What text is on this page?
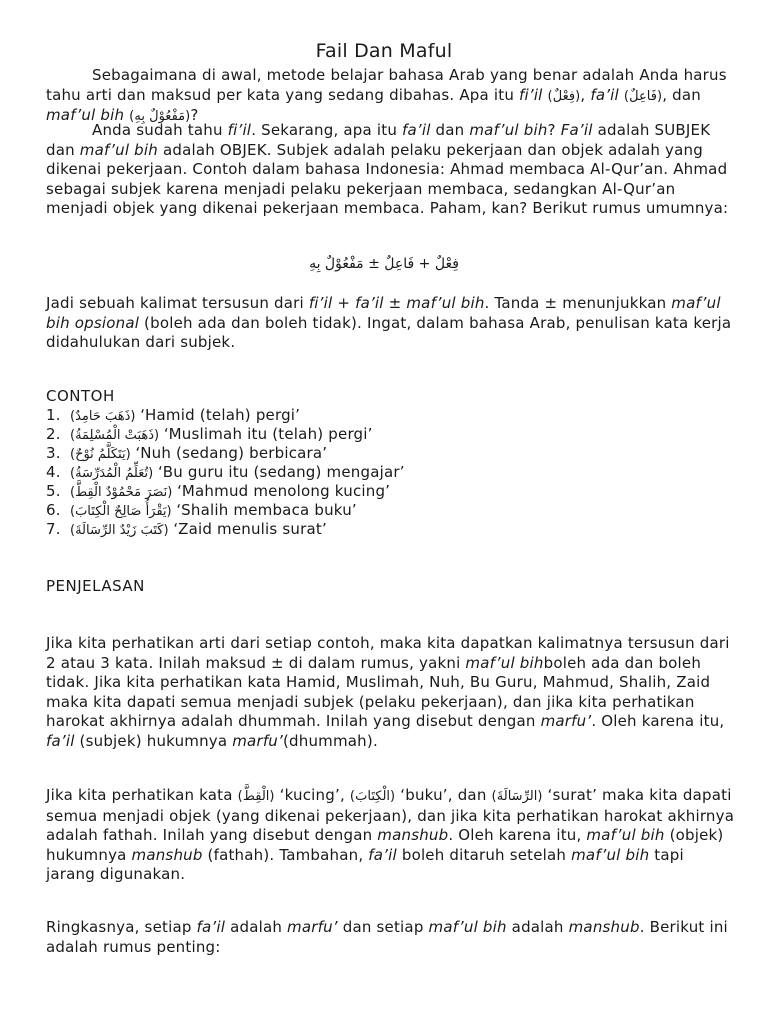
Fail Dan Maful
Sebagaimana di awal, metode belajar bahasa Arab yang benar adalah Anda harus tahu arti dan maksud per kata yang sedang dibahas. Apa itu fi’il (فِعْلٌ), fa’il (فَاعِلٌ), dan maf’ul bih (مَفْعُوْلٌ بِهِ)?
Anda sudah tahu fi’il. Sekarang, apa itu fa’il dan maf’ul bih? Fa’il adalah SUBJEK dan maf’ul bih adalah OBJEK. Subjek adalah pelaku pekerjaan dan objek adalah yang dikenai pekerjaan. Contoh dalam bahasa Indonesia: Ahmad membaca Al-Qur’an. Ahmad sebagai subjek karena menjadi pelaku pekerjaan membaca, sedangkan Al-Qur’an menjadi objek yang dikenai pekerjaan membaca. Paham, kan? Berikut rumus umumnya:
فِعْلٌ + فَاعِلٌ ± مَفْعُوْلٌ بِهِ
Jadi sebuah kalimat tersusun dari fi’il + fa’il ± maf’ul bih. Tanda ± menunjukkan maf’ul bih opsional (boleh ada dan boleh tidak). Ingat, dalam bahasa Arab, penulisan kata kerja didahulukan dari subjek.
CONTOH
1. (ذَهَبَ حَامِدٌ) ‘Hamid (telah) pergi’
2. (ذَهَبَتْ الْمُسْلِمَةُ) ‘Muslimah itu (telah) pergi’
3. (يَتَكَلَّمُ نُوْحٌ) ‘Nuh (sedang) berbicara’
4. (تُعَلِّمُ الْمُدَرِّسَةُ) ‘Bu guru itu (sedang) mengajar’
5. (نَصَرَ مَحْمُوْدٌ الْقِطَّ) ‘Mahmud menolong kucing’
6. (يَقْرَأُ صَالِحٌ الْكِتَابَ) ‘Shalih membaca buku’
7. (كَتَبَ زَيْدٌ الرِّسَالَةَ) ‘Zaid menulis surat’
PENJELASAN
Jika kita perhatikan arti dari setiap contoh, maka kita dapatkan kalimatnya tersusun dari 2 atau 3 kata. Inilah maksud ± di dalam rumus, yakni maf’ul bihboleh ada dan boleh tidak. Jika kita perhatikan kata Hamid, Muslimah, Nuh, Bu Guru, Mahmud, Shalih, Zaid maka kita dapati semua menjadi subjek (pelaku pekerjaan), dan jika kita perhatikan harokat akhirnya adalah dhummah. Inilah yang disebut dengan marfu’. Oleh karena itu, fa’il (subjek) hukumnya marfu’(dhummah).
Jika kita perhatikan kata (الْقِطَّ) ‘kucing’, (الْكِتَابَ) ‘buku’, dan (الرِّسَالَةَ) ‘surat’ maka kita dapati semua menjadi objek (yang dikenai pekerjaan), dan jika kita perhatikan harokat akhirnya adalah fathah. Inilah yang disebut dengan manshub. Oleh karena itu, maf’ul bih (objek) hukumnya manshub (fathah). Tambahan, fa’il boleh ditaruh setelah maf’ul bih tapi jarang digunakan.
Ringkasnya, setiap fa’il adalah marfu’ dan setiap maf’ul bih adalah manshub. Berikut ini adalah rumus penting:
